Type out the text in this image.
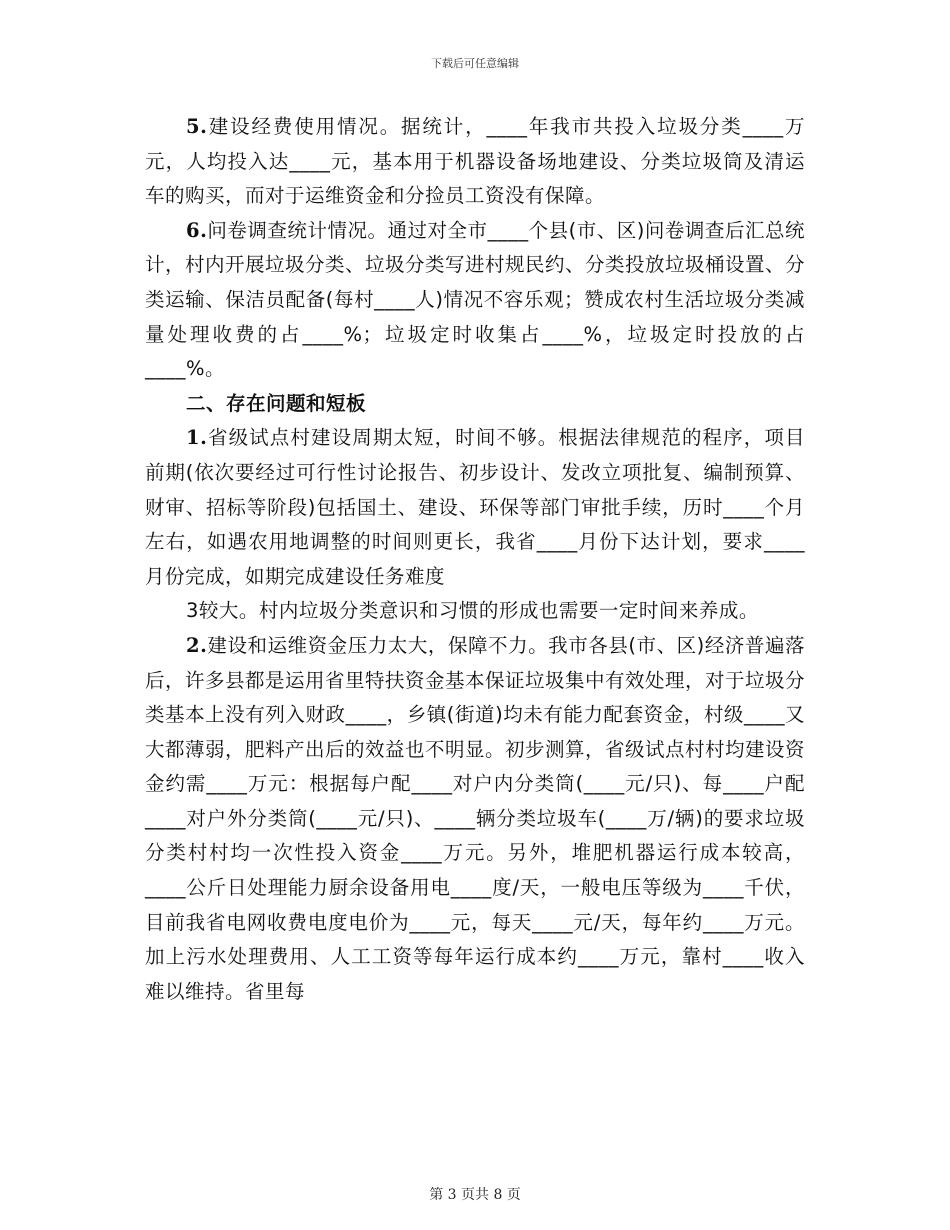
下载后可任意编辑

5.建设经费使用情况。据统计，____年我市共投入垃圾分类____万元，人均投入达____元，基本用于机器设备场地建设、分类垃圾筒及清运车的购买，而对于运维资金和分捡员工资没有保障。

6.问卷调查统计情况。通过对全市____个县(市、区)问卷调查后汇总统计，村内开展垃圾分类、垃圾分类写进村规民约、分类投放垃圾桶设置、分类运输、保洁员配备(每村____人)情况不容乐观；赞成农村生活垃圾分类减量处理收费的占____%；垃圾定时收集占____%，垃圾定时投放的占____%。

二、存在问题和短板

1.省级试点村建设周期太短，时间不够。根据法律规范的程序，项目前期(依次要经过可行性讨论报告、初步设计、发改立项批复、编制预算、财审、招标等阶段)包括国土、建设、环保等部门审批手续，历时____个月左右，如遇农用地调整的时间则更长，我省____月份下达计划，要求____月份完成，如期完成建设任务难度

3较大。村内垃圾分类意识和习惯的形成也需要一定时间来养成。

2.建设和运维资金压力太大，保障不力。我市各县(市、区)经济普遍落后，许多县都是运用省里特扶资金基本保证垃圾集中有效处理，对于垃圾分类基本上没有列入财政____，乡镇(街道)均未有能力配套资金，村级____又大都薄弱，肥料产出后的效益也不明显。初步测算，省级试点村村均建设资金约需____万元：根据每户配____对户内分类筒(____元/只)、每____户配____对户外分类筒(____元/只)、____辆分类垃圾车(____万/辆)的要求垃圾分类村村均一次性投入资金____万元。另外，堆肥机器运行成本较高，____公斤日处理能力厨余设备用电____度/天，一般电压等级为____千伏，目前我省电网收费电度电价为____元，每天____元/天，每年约____万元。加上污水处理费用、人工工资等每年运行成本约____万元，靠村____收入难以维持。省里每

第 3 页共 8 页
